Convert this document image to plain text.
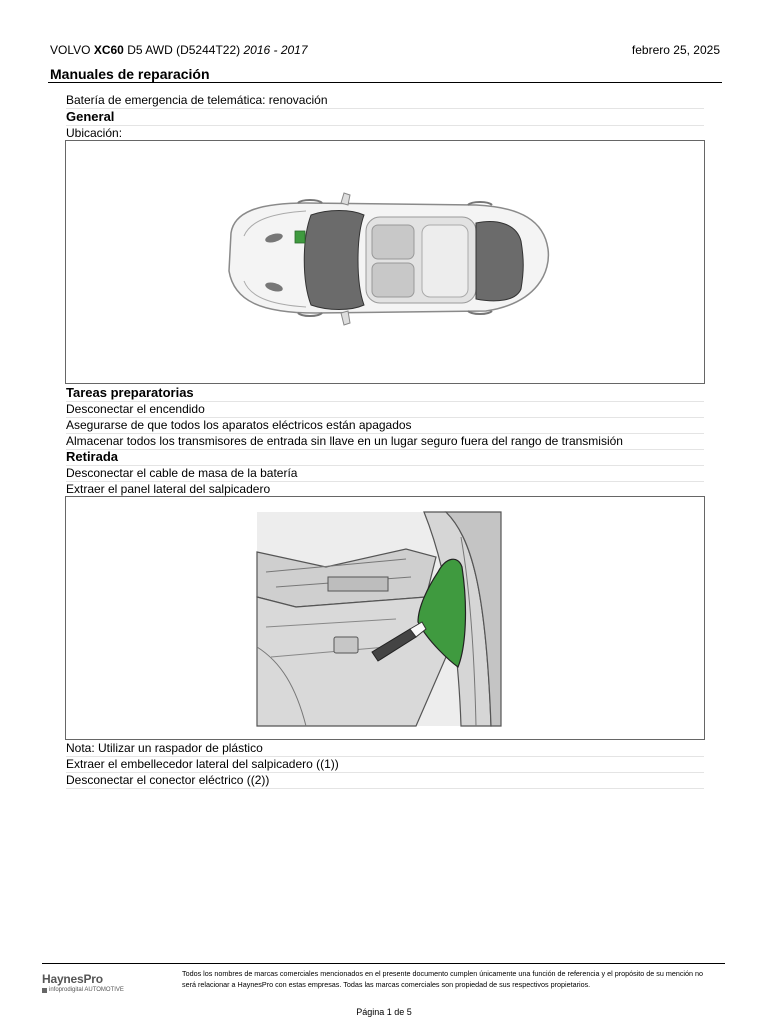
VOLVO XC60 D5 AWD (D5244T22) 2016 - 2017	febrero 25, 2025
Manuales de reparación
Batería de emergencia de telemática: renovación
General
Ubicación:
Tareas preparatorias
Desconectar el encendido
Asegurarse de que todos los aparatos eléctricos están apagados
Almacenar todos los transmisores de entrada sin llave en un lugar seguro fuera del rango de transmisión
Retirada
Desconectar el cable de masa de la batería
Extraer el panel lateral del salpicadero
Nota: Utilizar un raspador de plástico
Extraer el embellecedor lateral del salpicadero ((1))
Desconectar el conector eléctrico ((2))
HaynesPro
infoprodigital AUTOMOTIVE
Todos los nombres de marcas comerciales mencionados en el presente documento cumplen únicamente una función de referencia y el propósito de su mención no será relacionar a HaynesPro con estas empresas. Todas las marcas comerciales son propiedad de sus respectivos propietarios.
Página 1 de 5
